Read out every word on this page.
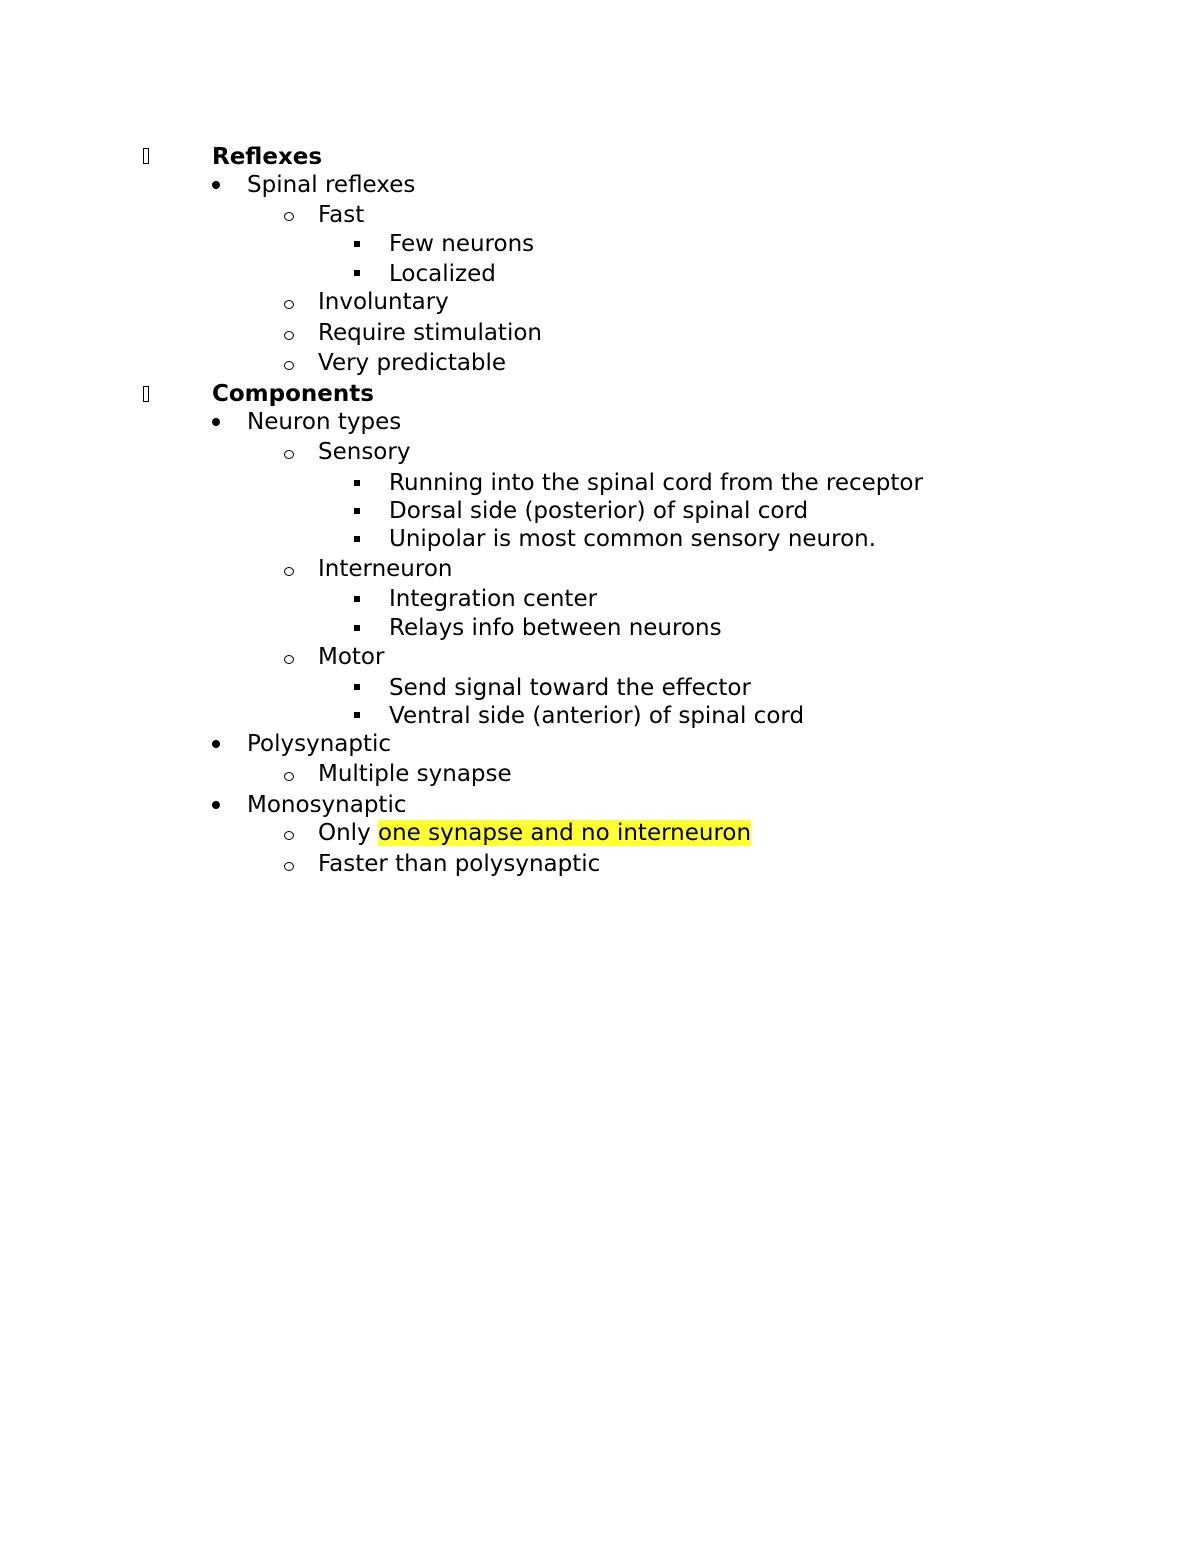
Reflexes
Spinal reflexes
Fast
Few neurons
Localized
Involuntary
Require stimulation
Very predictable
Components
Neuron types
Sensory
Running into the spinal cord from the receptor
Dorsal side (posterior) of spinal cord
Unipolar is most common sensory neuron.
Interneuron
Integration center
Relays info between neurons
Motor
Send signal toward the effector
Ventral side (anterior) of spinal cord
Polysynaptic
Multiple synapse
Monosynaptic
Only one synapse and no interneuron
Faster than polysynaptic
